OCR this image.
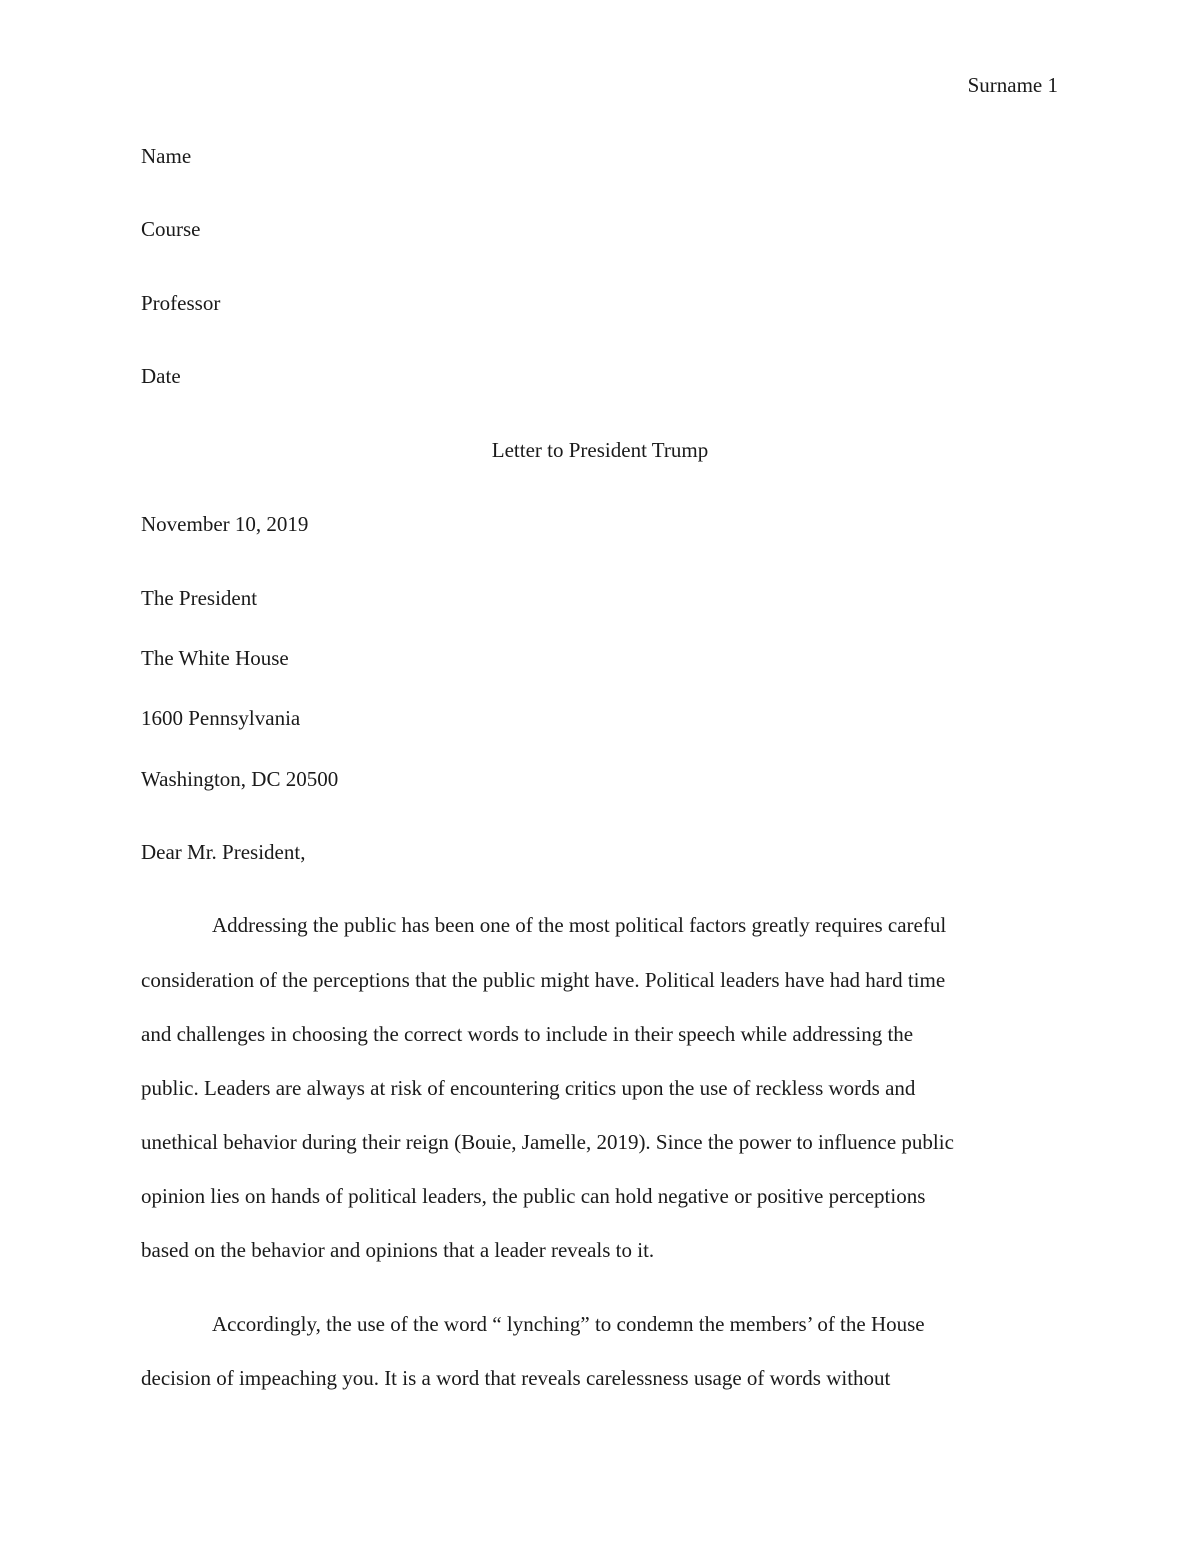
Surname 1
Name
Course
Professor
Date
Letter to President Trump
November 10, 2019
The President
The White House
1600 Pennsylvania
Washington, DC 20500
Dear Mr. President,
Addressing the public has been one of the most political factors greatly requires careful
consideration of the perceptions that the public might have. Political leaders have had hard time
and challenges in choosing the correct words to include in their speech while addressing the
public. Leaders are always at risk of encountering critics upon the use of reckless words and
unethical behavior during their reign (Bouie, Jamelle, 2019). Since the power to influence public
opinion lies on hands of political leaders, the public can hold negative or positive perceptions
based on the behavior and opinions that a leader reveals to it.
Accordingly, the use of the word “ lynching” to condemn the members’ of the House
decision of impeaching you. It is a word that reveals carelessness usage of words without
